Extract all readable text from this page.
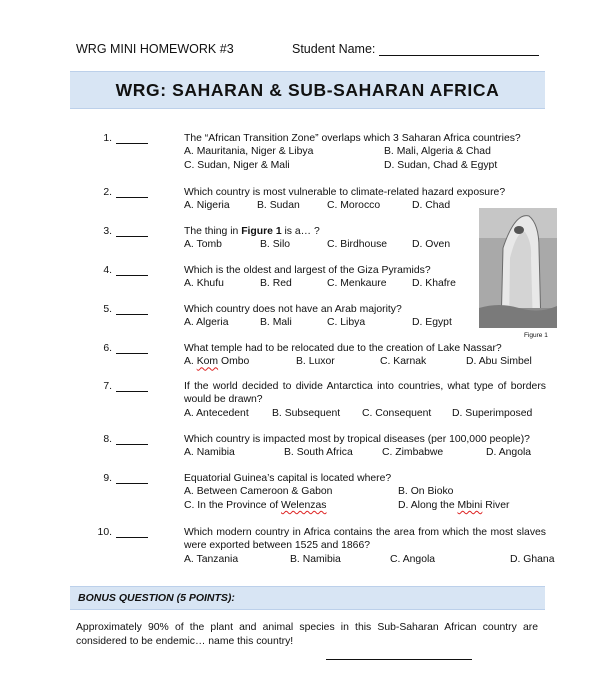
WRG MINI HOMEWORK #3	Student Name:
WRG: SAHARAN & SUB-SAHARAN AFRICA
1.	The “African Transition Zone” overlaps which 3 Saharan Africa countries?
A. Mauritania, Niger & Libya	B. Mali, Algeria & Chad
C. Sudan, Niger & Mali	D. Sudan, Chad & Egypt
2.	Which country is most vulnerable to climate-related hazard exposure?
A. Nigeria	B. Sudan	C. Morocco	D. Chad
3.	The thing in Figure 1 is a… ?
A. Tomb	B. Silo	C. Birdhouse D. Oven
4.	Which is the oldest and largest of the Giza Pyramids?
A. Khufu	B. Red	C. Menkaure D. Khafre
5.	Which country does not have an Arab majority?
A. Algeria	B. Mali	C. Libya	D. Egypt
Figure 1
6.	What temple had to be relocated due to the creation of Lake Nassar?
A. Kom Ombo	B. Luxor	C. Karnak	D. Abu Simbel
7.	If the world decided to divide Antarctica into countries, what type of borders would be drawn?
A. Antecedent B. Subsequent C. Consequent D. Superimposed
8.	Which country is impacted most by tropical diseases (per 100,000 people)?
A. Namibia	B. South Africa	C. Zimbabwe	D. Angola
9.	Equatorial Guinea’s capital is located where?
A. Between Cameroon & Gabon	B. On Bioko
C. In the Province of Welenzas	D. Along the Mbini River
10.	Which modern country in Africa contains the area from which the most slaves were exported between 1525 and 1866?
A. Tanzania	B. Namibia	C. Angola	D. Ghana
BONUS QUESTION (5 POINTS):
Approximately 90% of the plant and animal species in this Sub-Saharan African country are considered to be endemic… name this country!
